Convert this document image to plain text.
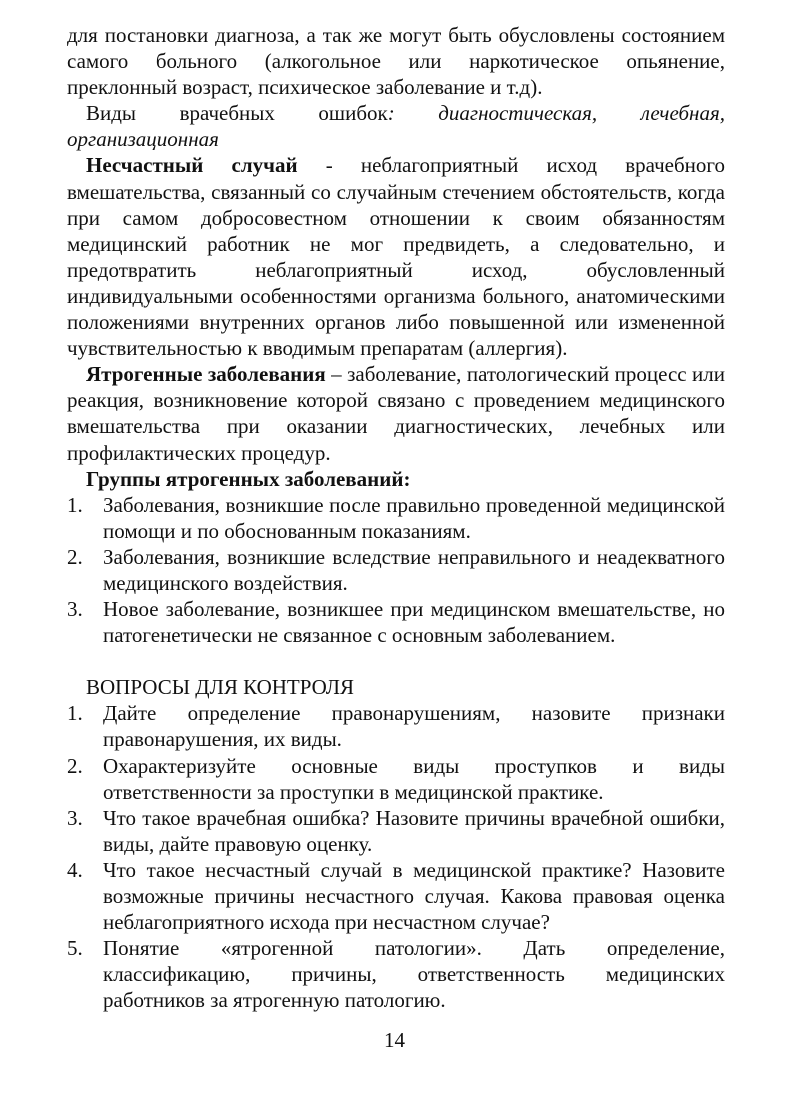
для постановки диагноза, а так же могут быть обусловлены состоянием самого больного (алкогольное или наркотическое опьянение, преклонный возраст, психическое заболевание и т.д).

Виды врачебных ошибок: диагностическая, лечебная, организационная

Несчастный случай - неблагоприятный исход врачебного вмешательства, связанный со случайным стечением обстоятельств, когда при самом добросовестном отношении к своим обязанностям медицинский работник не мог предвидеть, а следовательно, и предотвратить неблагоприятный исход, обусловленный индивидуальными особенностями организма больного, анатомическими положениями внутренних органов либо повышенной или измененной чувствительностью к вводимым препаратам (аллергия).

Ятрогенные заболевания – заболевание, патологический процесс или реакция, возникновение которой связано с проведением медицинского вмешательства при оказании диагностических, лечебных или профилактических процедур.

Группы ятрогенных заболеваний:

1. Заболевания, возникшие после правильно проведенной медицинской помощи и по обоснованным показаниям.
2. Заболевания, возникшие вследствие неправильного и неадекватного медицинского воздействия.
3. Новое заболевание, возникшее при медицинском вмешательстве, но патогенетически не связанное с основным заболеванием.

ВОПРОСЫ ДЛЯ КОНТРОЛЯ

1. Дайте определение правонарушениям, назовите признаки правонарушения, их виды.
2. Охарактеризуйте основные виды проступков и виды ответственности за проступки в медицинской практике.
3. Что такое врачебная ошибка? Назовите причины врачебной ошибки, виды, дайте правовую оценку.
4. Что такое несчастный случай в медицинской практике? Назовите возможные причины несчастного случая. Какова правовая оценка неблагоприятного исхода при несчастном случае?
5. Понятие «ятрогенной патологии». Дать определение, классификацию, причины, ответственность медицинских работников за ятрогенную патологию.
14
